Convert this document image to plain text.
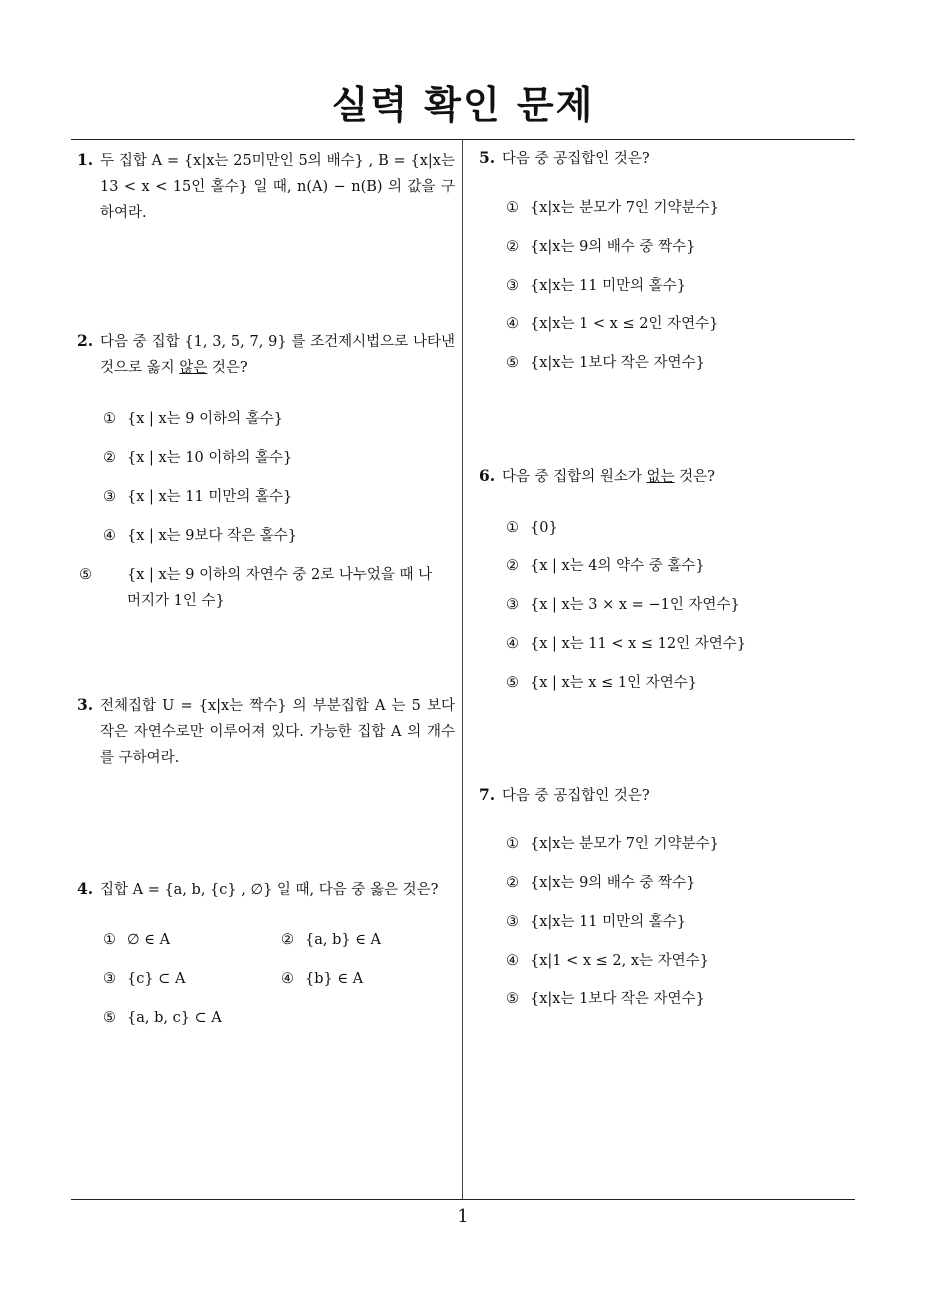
실력 확인 문제
1. 두 집합 A = {x|x는 25미만인 5의 배수} , B = {x|x는 13 < x < 15인 홀수} 일 때, n(A) − n(B) 의 값을 구하여라.
2. 다음 중 집합 {1, 3, 5, 7, 9} 를 조건제시법으로 나타낸 것으로 옳지 않은 것은?
① {x | x는 9 이하의 홀수}
② {x | x는 10 이하의 홀수}
③ {x | x는 11 미만의 홀수}
④ {x | x는 9보다 작은 홀수}
⑤ {x | x는 9 이하의 자연수 중 2로 나누었을 때 나머지가 1인 수}
3. 전체집합 U = {x|x는 짝수} 의 부분집합 A 는 5 보다 작은 자연수로만 이루어져 있다. 가능한 집합 A 의 개수를 구하여라.
4. 집합 A = {a, b, {c} , ∅} 일 때, 다음 중 옳은 것은?
① ∅ ∈ A	② {a, b} ∈ A
③ {c} ⊂ A	④ {b} ∈ A
⑤ {a, b, c} ⊂ A
5. 다음 중 공집합인 것은?
① {x|x는 분모가 7인 기약분수}
② {x|x는 9의 배수 중 짝수}
③ {x|x는 11 미만의 홀수}
④ {x|x는 1 < x ≤ 2인 자연수}
⑤ {x|x는 1보다 작은 자연수}
6. 다음 중 집합의 원소가 없는 것은?
① {0}
② {x | x는 4의 약수 중 홀수}
③ {x | x는 3 × x = −1인 자연수}
④ {x | x는 11 < x ≤ 12인 자연수}
⑤ {x | x는 x ≤ 1인 자연수}
7. 다음 중 공집합인 것은?
① {x|x는 분모가 7인 기약분수}
② {x|x는 9의 배수 중 짝수}
③ {x|x는 11 미만의 홀수}
④ {x|1 < x ≤ 2, x는 자연수}
⑤ {x|x는 1보다 작은 자연수}
1
